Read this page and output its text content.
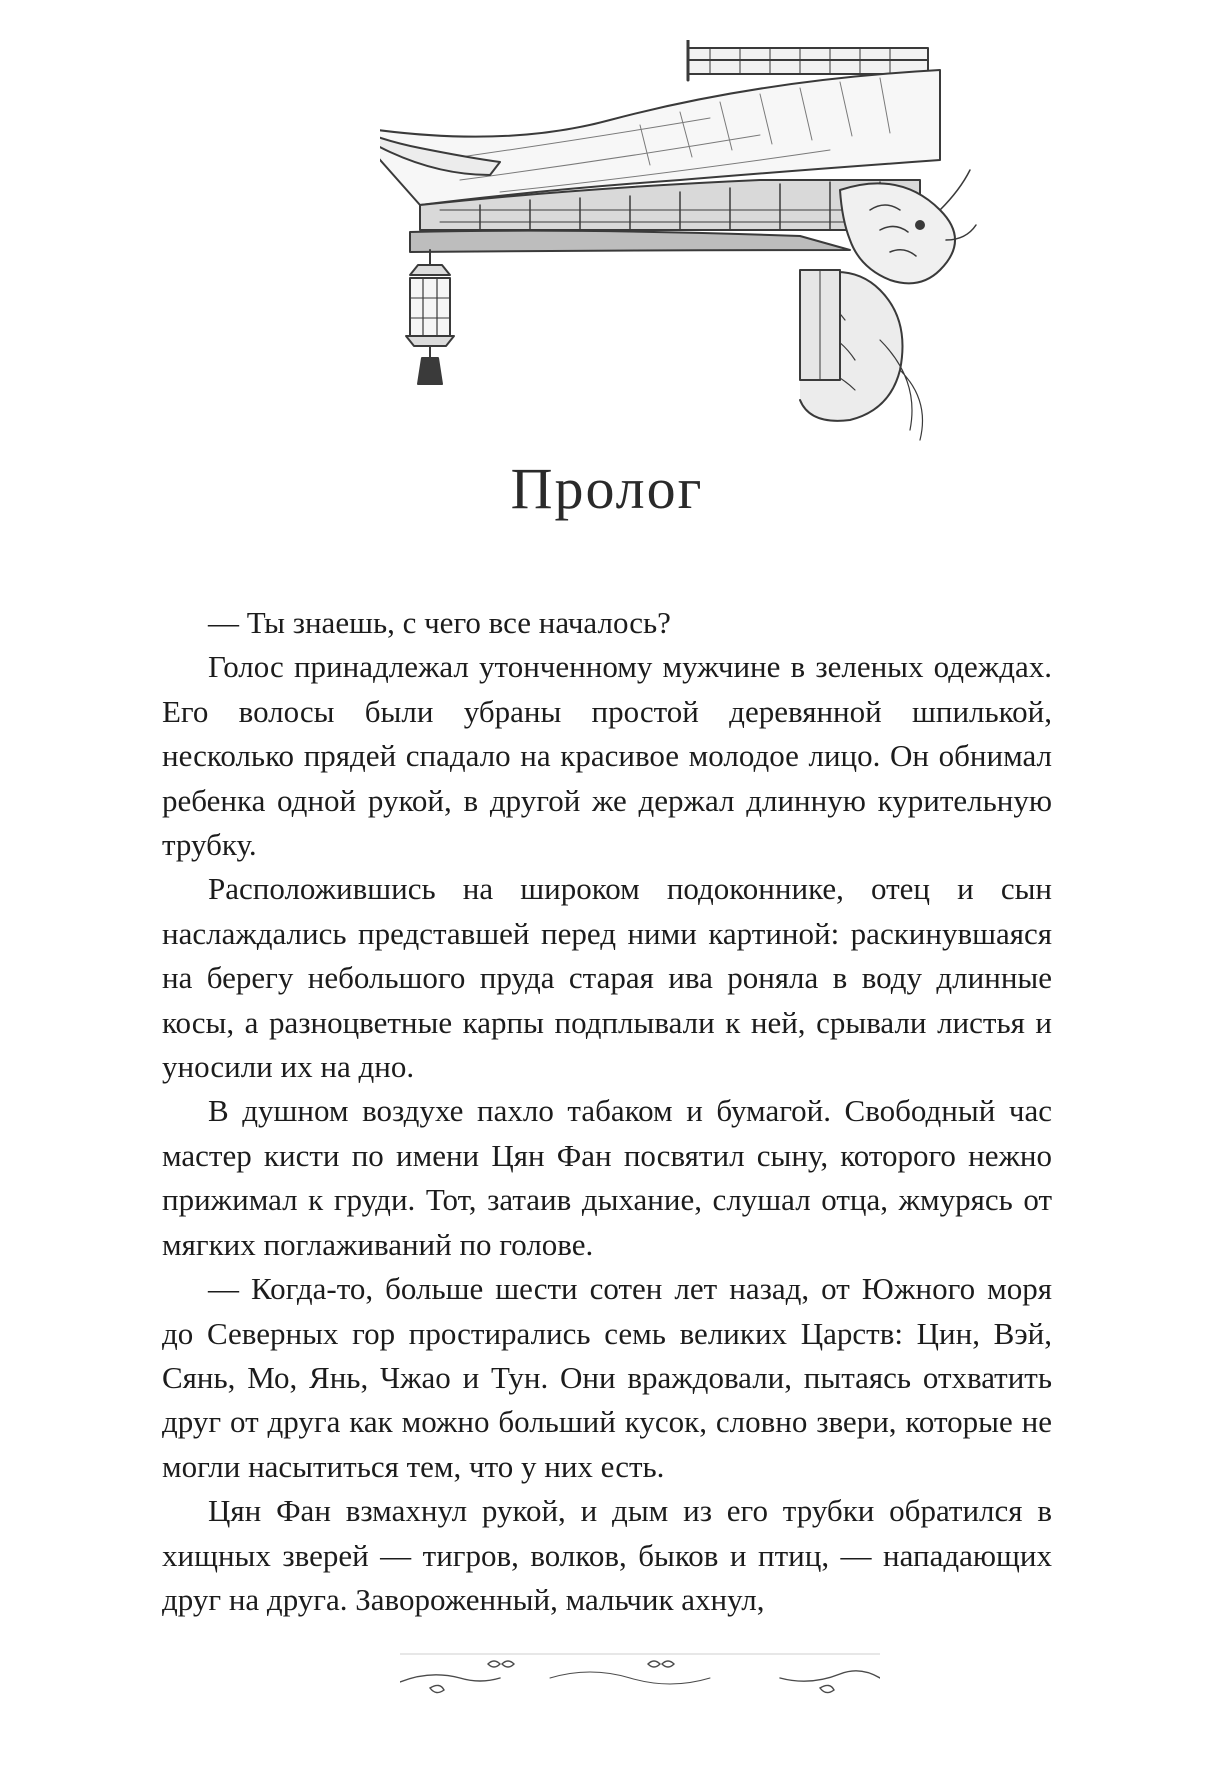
Пролог

— Ты знаешь, с чего все началось?

Голос принадлежал утонченному мужчине в зеленых одеждах. Его волосы были убраны простой деревянной шпилькой, несколько прядей спадало на красивое молодое лицо. Он обнимал ребенка одной рукой, в другой же держал длинную курительную трубку.

Расположившись на широком подоконнике, отец и сын наслаждались представшей перед ними картиной: раскинувшаяся на берегу небольшого пруда старая ива роняла в воду длинные косы, а разноцветные карпы подплывали к ней, срывали листья и уносили их на дно.

В душном воздухе пахло табаком и бумагой. Свободный час мастер кисти по имени Цян Фан посвятил сыну, которого нежно прижимал к груди. Тот, затаив дыхание, слушал отца, жмурясь от мягких поглаживаний по голове.

— Когда-то, больше шести сотен лет назад, от Южного моря до Северных гор простирались семь великих Царств: Цин, Вэй, Сянь, Мо, Янь, Чжао и Тун. Они враждовали, пытаясь отхватить друг от друга как можно больший кусок, словно звери, которые не могли насытиться тем, что у них есть.

Цян Фан взмахнул рукой, и дым из его трубки обратился в хищных зверей — тигров, волков, быков и птиц, — нападающих друг на друга. Завороженный, мальчик ахнул,
